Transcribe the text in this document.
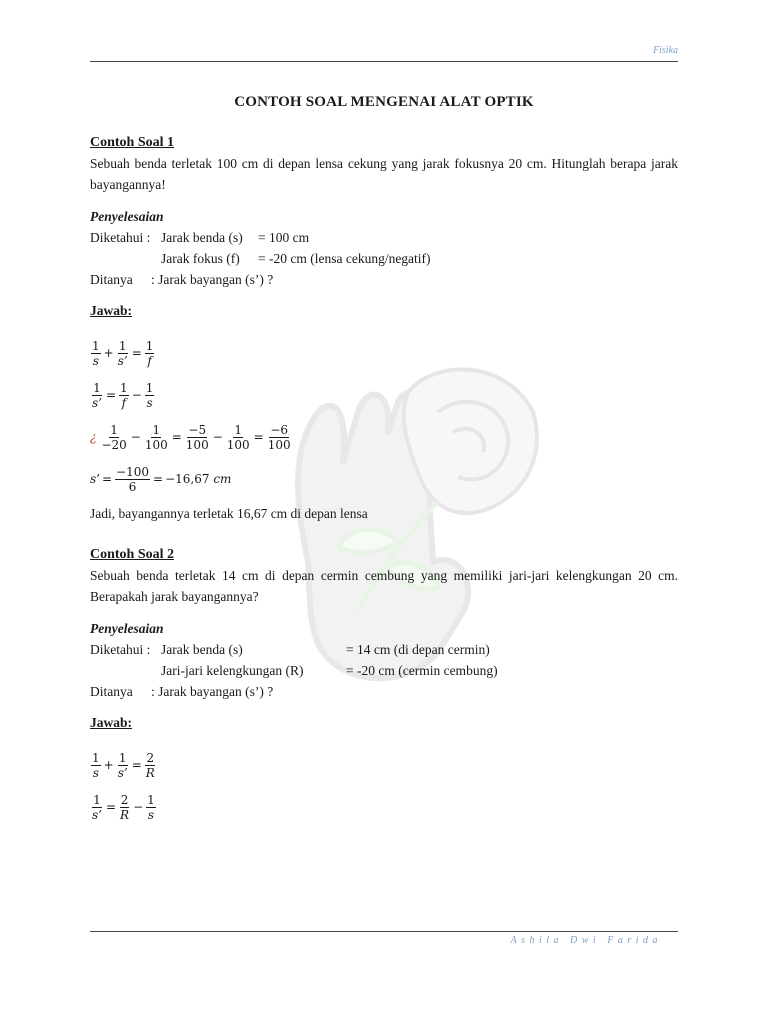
Fisika
CONTOH SOAL MENGENAI ALAT OPTIK
Contoh Soal 1
Sebuah benda terletak 100 cm di depan lensa cekung yang jarak fokusnya 20 cm. Hitunglah berapa jarak bayangannya!
Penyelesaian
Diketahui : Jarak benda (s) = 100 cm
Jarak fokus (f) = -20 cm (lensa cekung/negatif)
Ditanya : Jarak bayangan (s’) ?
Jawab:
$\frac{1}{s} + \frac{1}{s’} = \frac{1}{f}$
$\frac{1}{s’} = \frac{1}{f} - \frac{1}{s}$
¿ $\frac{1}{-20} - \frac{1}{100} = \frac{-5}{100} - \frac{1}{100} = \frac{-6}{100}$
s’ = $\frac{-100}{6} = -16,67$ cm
Jadi, bayangannya terletak 16,67 cm di depan lensa
Contoh Soal 2
Sebuah benda terletak 14 cm di depan cermin cembung yang memiliki jari-jari kelengkungan 20 cm. Berapakah jarak bayangannya?
Penyelesaian
Diketahui : Jarak benda (s)	= 14 cm (di depan cermin)
Jari-jari kelengkungan (R)	= -20 cm (cermin cembung)
Ditanya : Jarak bayangan (s’) ?
Jawab:
$\frac{1}{s} + \frac{1}{s’} = \frac{2}{R}$
$\frac{1}{s’} = \frac{2}{R} - \frac{1}{s}$
Ashila Dwi Farida
